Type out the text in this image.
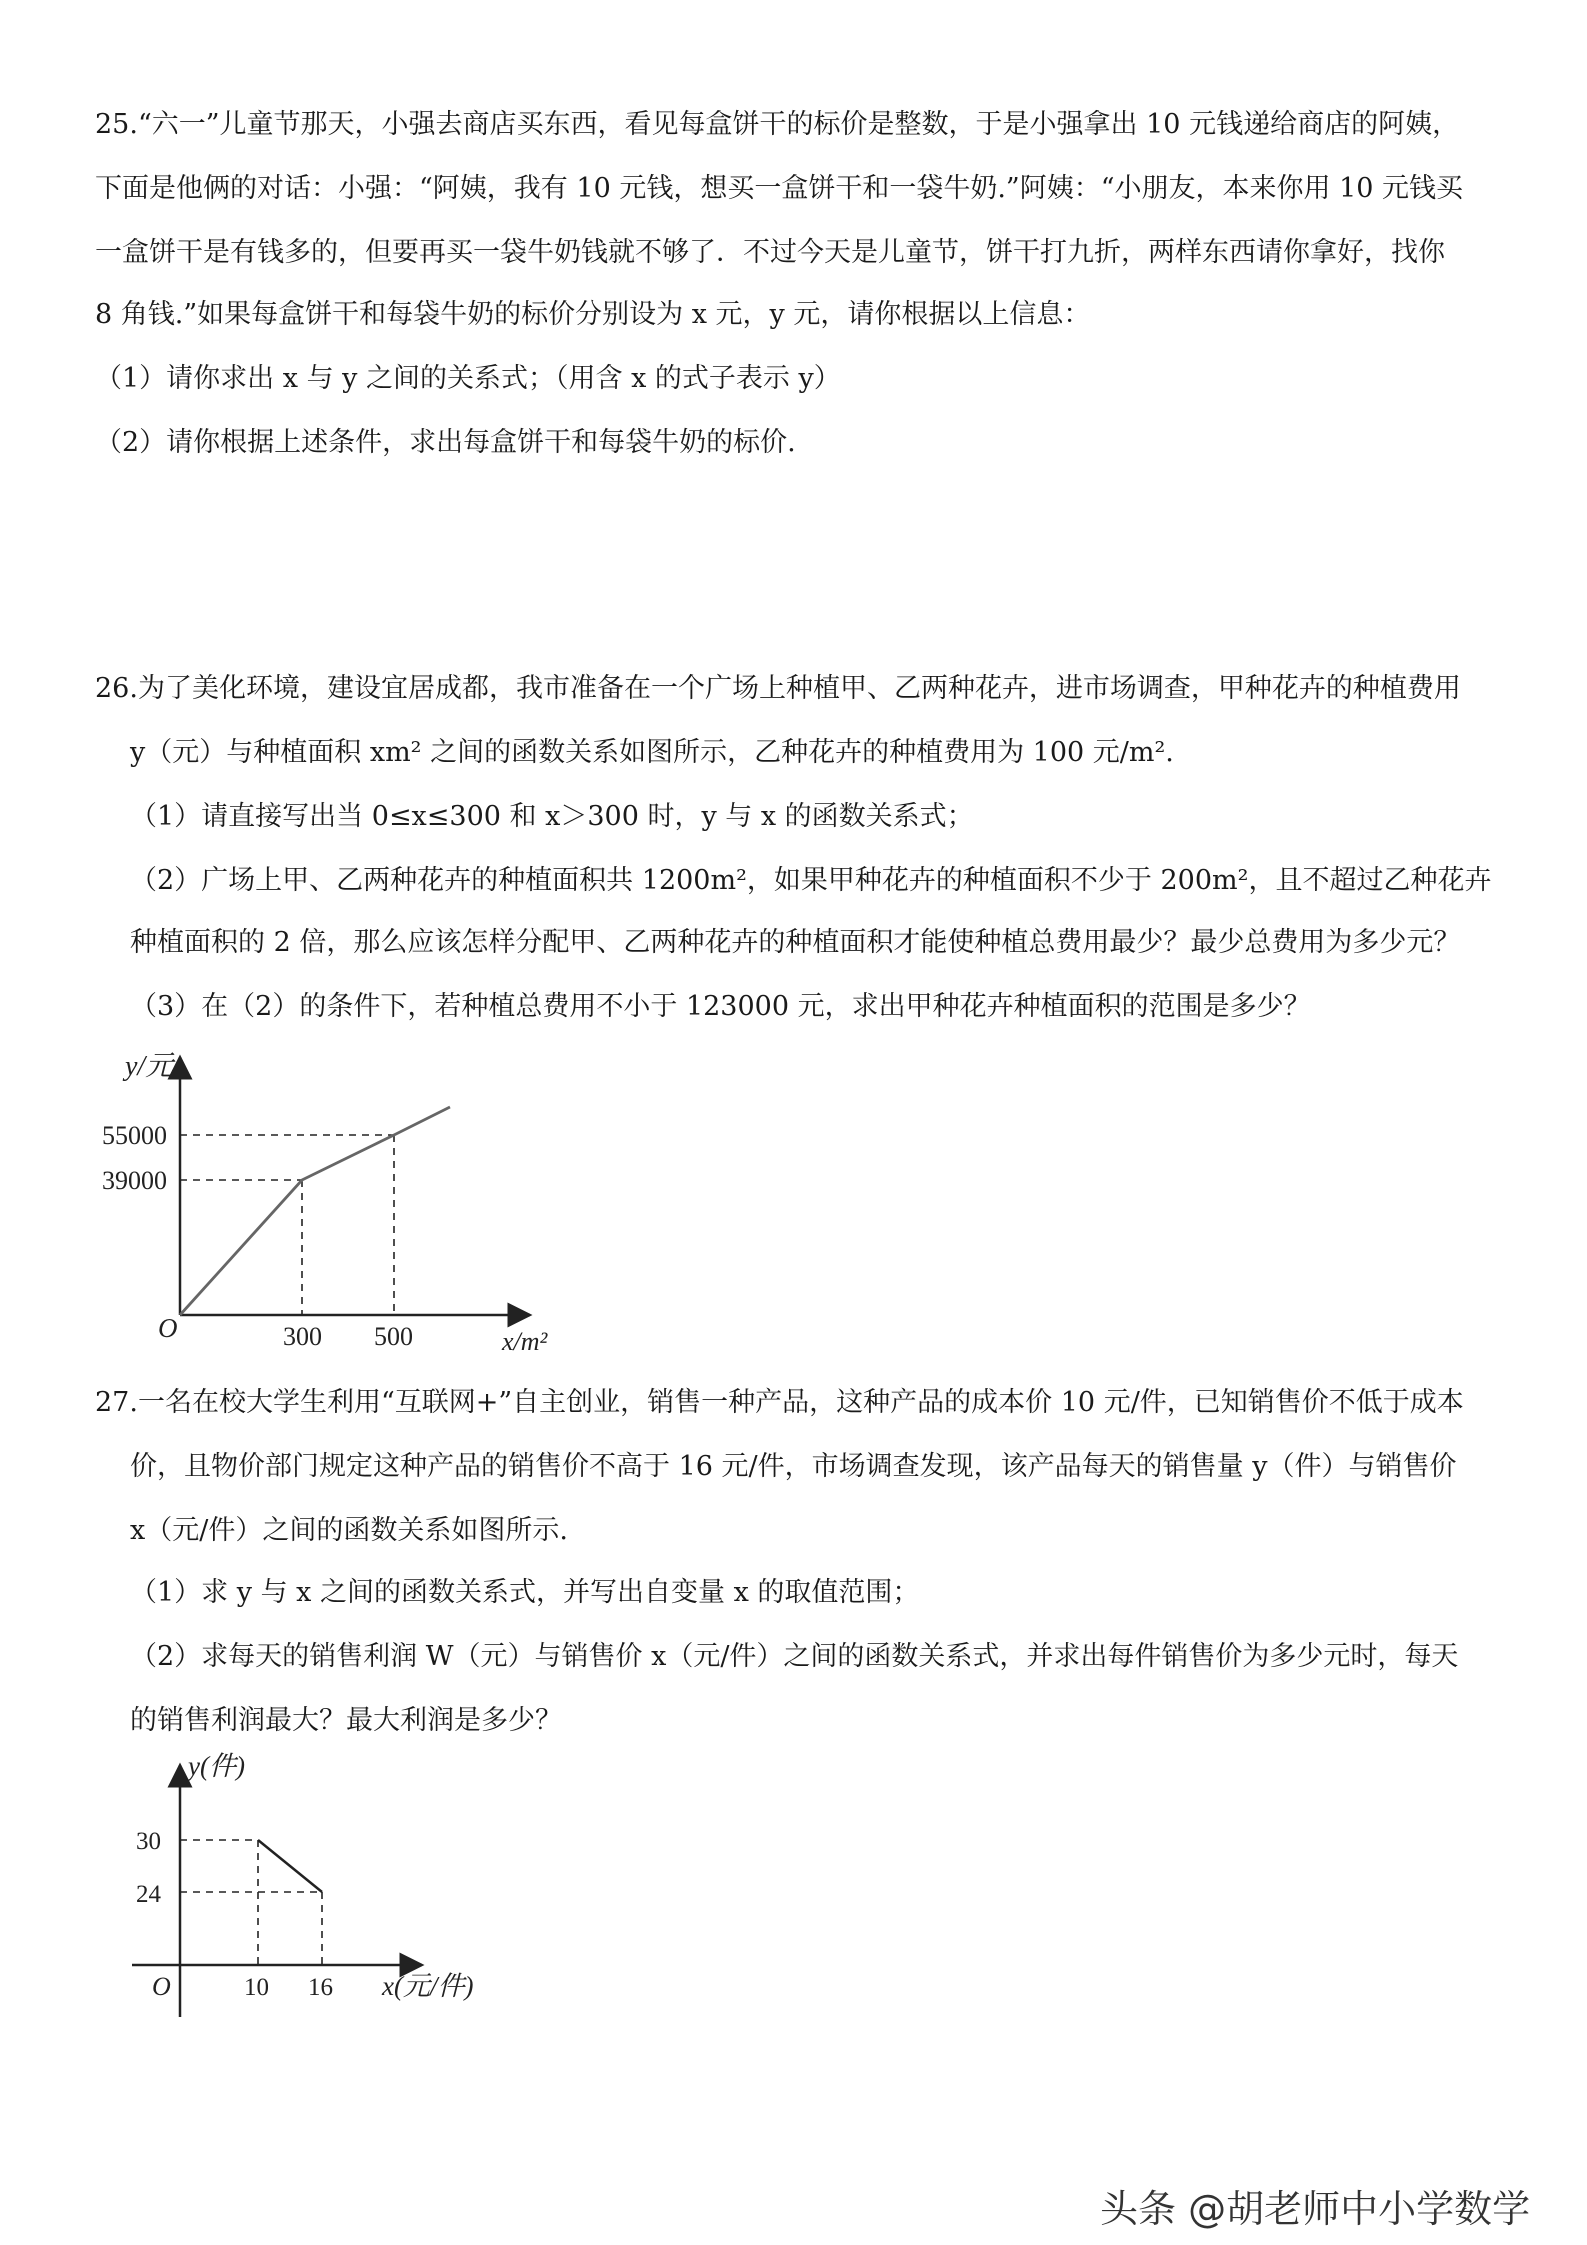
25.“六一”儿童节那天，小强去商店买东西，看见每盒饼干的标价是整数，于是小强拿出 10 元钱递给商店的阿姨，
下面是他俩的对话：小强：“阿姨，我有 10 元钱，想买一盒饼干和一袋牛奶.”阿姨：“小朋友，本来你用 10 元钱买
一盒饼干是有钱多的，但要再买一袋牛奶钱就不够了．不过今天是儿童节，饼干打九折，两样东西请你拿好，找你
8 角钱.”如果每盒饼干和每袋牛奶的标价分别设为 x 元，y 元，请你根据以上信息：
（1）请你求出 x 与 y 之间的关系式；（用含 x 的式子表示 y）
（2）请你根据上述条件，求出每盒饼干和每袋牛奶的标价.
26.为了美化环境，建设宜居成都，我市准备在一个广场上种植甲、乙两种花卉，进市场调查，甲种花卉的种植费用
y（元）与种植面积 xm² 之间的函数关系如图所示，乙种花卉的种植费用为 100 元/m².
（1）请直接写出当 0≤x≤300 和 x＞300 时，y 与 x 的函数关系式；
（2）广场上甲、乙两种花卉的种植面积共 1200m²，如果甲种花卉的种植面积不少于 200m²，且不超过乙种花卉
种植面积的 2 倍，那么应该怎样分配甲、乙两种花卉的种植面积才能使种植总费用最少？最少总费用为多少元？
（3）在（2）的条件下，若种植总费用不小于 123000 元，求出甲种花卉种植面积的范围是多少？
y/元
55000
39000
O	300 500	x/m²
27.一名在校大学生利用“互联网+”自主创业，销售一种产品，这种产品的成本价 10 元/件，已知销售价不低于成本
价，且物价部门规定这种产品的销售价不高于 16 元/件，市场调查发现，该产品每天的销售量 y（件）与销售价
x（元/件）之间的函数关系如图所示.
（1）求 y 与 x 之间的函数关系式，并写出自变量 x 的取值范围；
（2）求每天的销售利润 W（元）与销售价 x（元/件）之间的函数关系式，并求出每件销售价为多少元时，每天
的销售利润最大？最大利润是多少？
y(件)
30
24
O	10 16 x(元/件)
头条 @胡老师中小学数学
